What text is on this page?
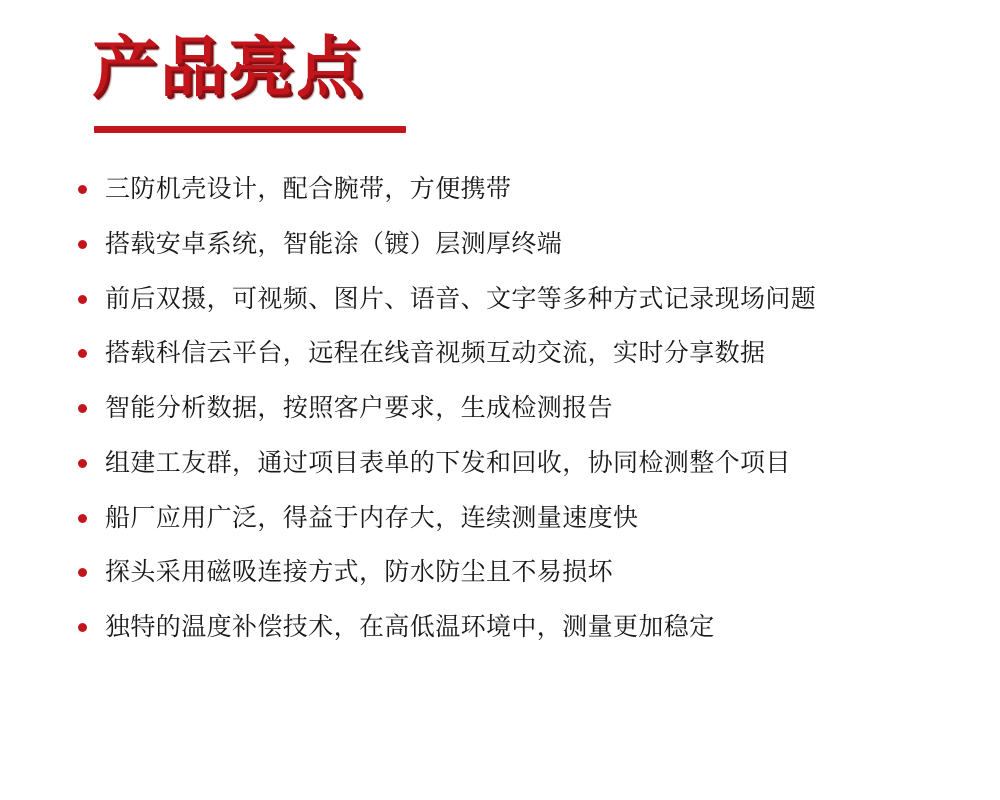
产品亮点
三防机壳设计，配合腕带，方便携带
搭载安卓系统，智能涂（镀）层测厚终端
前后双摄，可视频、图片、语音、文字等多种方式记录现场问题
搭载科信云平台，远程在线音视频互动交流，实时分享数据
智能分析数据，按照客户要求，生成检测报告
组建工友群，通过项目表单的下发和回收，协同检测整个项目
船厂应用广泛，得益于内存大，连续测量速度快
探头采用磁吸连接方式，防水防尘且不易损坏
独特的温度补偿技术，在高低温环境中，测量更加稳定
